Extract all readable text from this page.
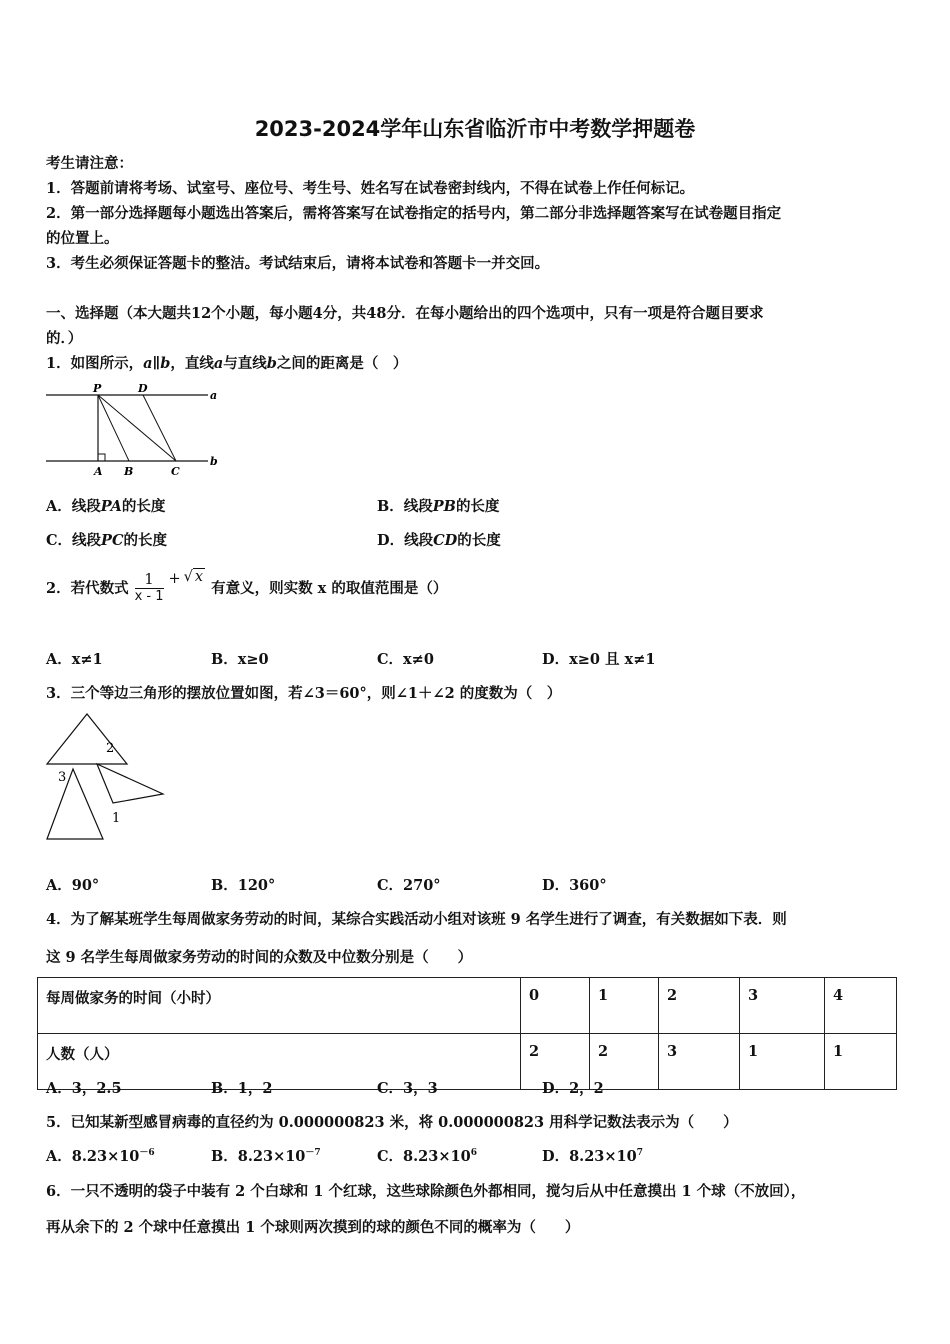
2023-2024学年山东省临沂市中考数学押题卷
考生请注意：
1．答题前请将考场、试室号、座位号、考生号、姓名写在试卷密封线内，不得在试卷上作任何标记。
2．第一部分选择题每小题选出答案后，需将答案写在试卷指定的括号内，第二部分非选择题答案写在试卷题目指定
的位置上。
3．考生必须保证答题卡的整洁。考试结束后，请将本试卷和答题卡一并交回。
一、选择题（本大题共12个小题，每小题4分，共48分．在每小题给出的四个选项中，只有一项是符合题目要求
的．）
1．如图所示，a∥b，直线a与直线b之间的距离是（　）
P	D
A B	C
a
b
A．线段PA的长度	B．线段PB的长度
C．线段PC的长度	D．线段CD的长度
2．若代数式 $\frac{1}{x - 1}$ + √ x
有意义，则实数 x 的取值范围是（）
A．x≠1	B．x≥0	C．x≠0	D．x≥0 且 x≠1
3．三个等边三角形的摆放位置如图，若∠3＝60°，则∠1＋∠2 的度数为（　）
2
3
1
A．90°	B．120°	C．270°	D．360°
4．为了解某班学生每周做家务劳动的时间，某综合实践活动小组对该班 9 名学生进行了调查，有关数据如下表．则
这 9 名学生每周做家务劳动的时间的众数及中位数分别是（　　）
每周做家务的时间（小时）	0	1	2	3	4
人数（人）	2	2	3	1	1
A．3，2.5	B．1，2	C．3，3	D．2，2
5．已知某新型感冒病毒的直径约为 0.000000823 米，将 0.000000823 用科学记数法表示为（　　）
A．$8.23\times 10^{-6}$	B．$8.23\times 10^{-7}$	C．$8.23\times 10^6$	D．$8.23\times 10^7$
6．一只不透明的袋子中装有 2 个白球和 1 个红球，这些球除颜色外都相同，搅匀后从中任意摸出 1 个球（不放回），
再从余下的 2 个球中任意摸出 1 个球则两次摸到的球的颜色不同的概率为（　　）
